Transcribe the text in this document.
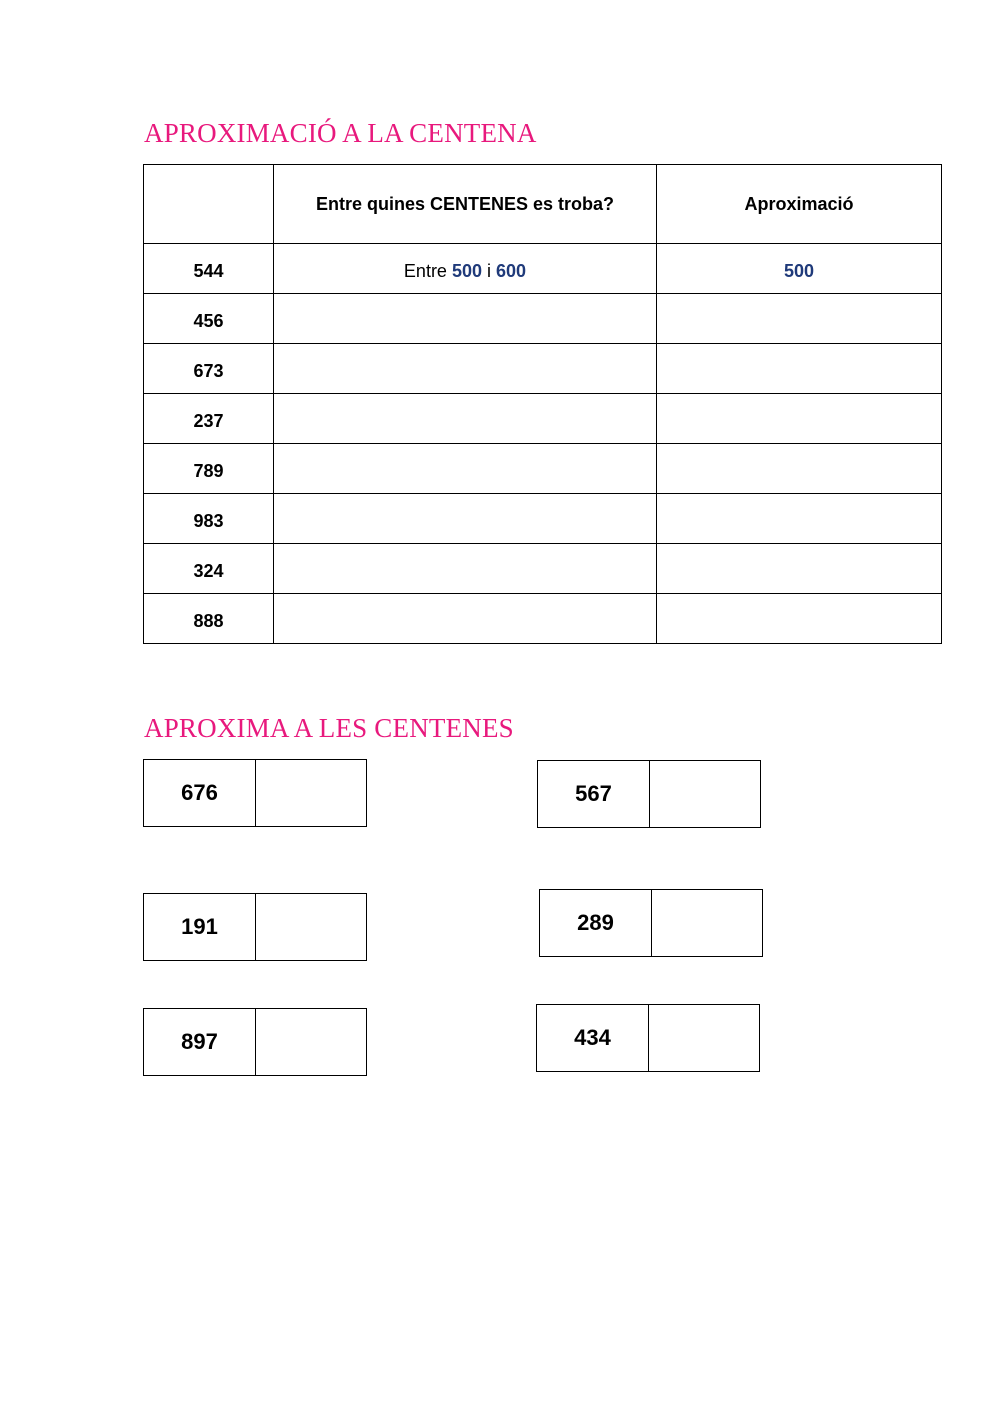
APROXIMACIÓ A LA CENTENA
	Entre quines CENTENES es troba?	Aproximació
544	Entre 500 i 600	500
456		
673		
237		
789		
983		
324		
888		
APROXIMA A LES CENTENES
676	567
191	289
897	434
